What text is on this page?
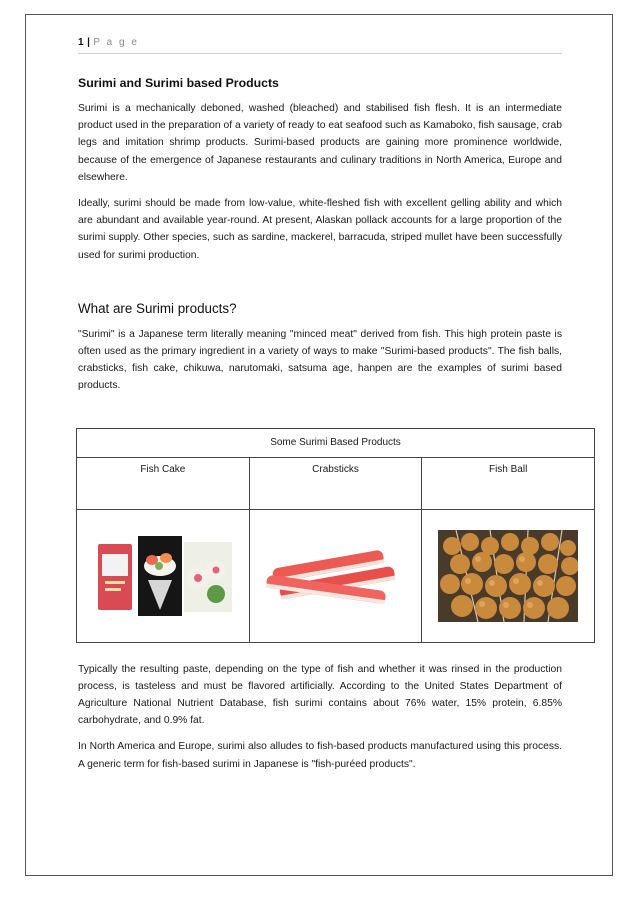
1 | P a g e
Surimi and Surimi based Products

Surimi is a mechanically deboned, washed (bleached) and stabilised fish flesh. It is an intermediate product used in the preparation of a variety of ready to eat seafood such as Kamaboko, fish sausage, crab legs and imitation shrimp products. Surimi-based products are gaining more prominence worldwide, because of the emergence of Japanese restaurants and culinary traditions in North America, Europe and elsewhere.

Ideally, surimi should be made from low-value, white-fleshed fish with excellent gelling ability and which are abundant and available year-round. At present, Alaskan pollack accounts for a large proportion of the surimi supply. Other species, such as sardine, mackerel, barracuda, striped mullet have been successfully used for surimi production.

What are Surimi products?

"Surimi" is a Japanese term literally meaning "minced meat" derived from fish. This high protein paste is often used as the primary ingredient in a variety of ways to make "Surimi-based products". The fish balls, crabsticks, fish cake, chikuwa, narutomaki, satsuma age, hanpen are the examples of surimi based products.

Some Surimi Based Products		
Fish Cake	Crabsticks	Fish Ball

Typically the resulting paste, depending on the type of fish and whether it was rinsed in the production process, is tasteless and must be flavored artificially. According to the United States Department of Agriculture National Nutrient Database, fish surimi contains about 76% water, 15% protein, 6.85% carbohydrate, and 0.9% fat.

In North America and Europe, surimi also alludes to fish-based products manufactured using this process. A generic term for fish-based surimi in Japanese is "fish-puréed products".
